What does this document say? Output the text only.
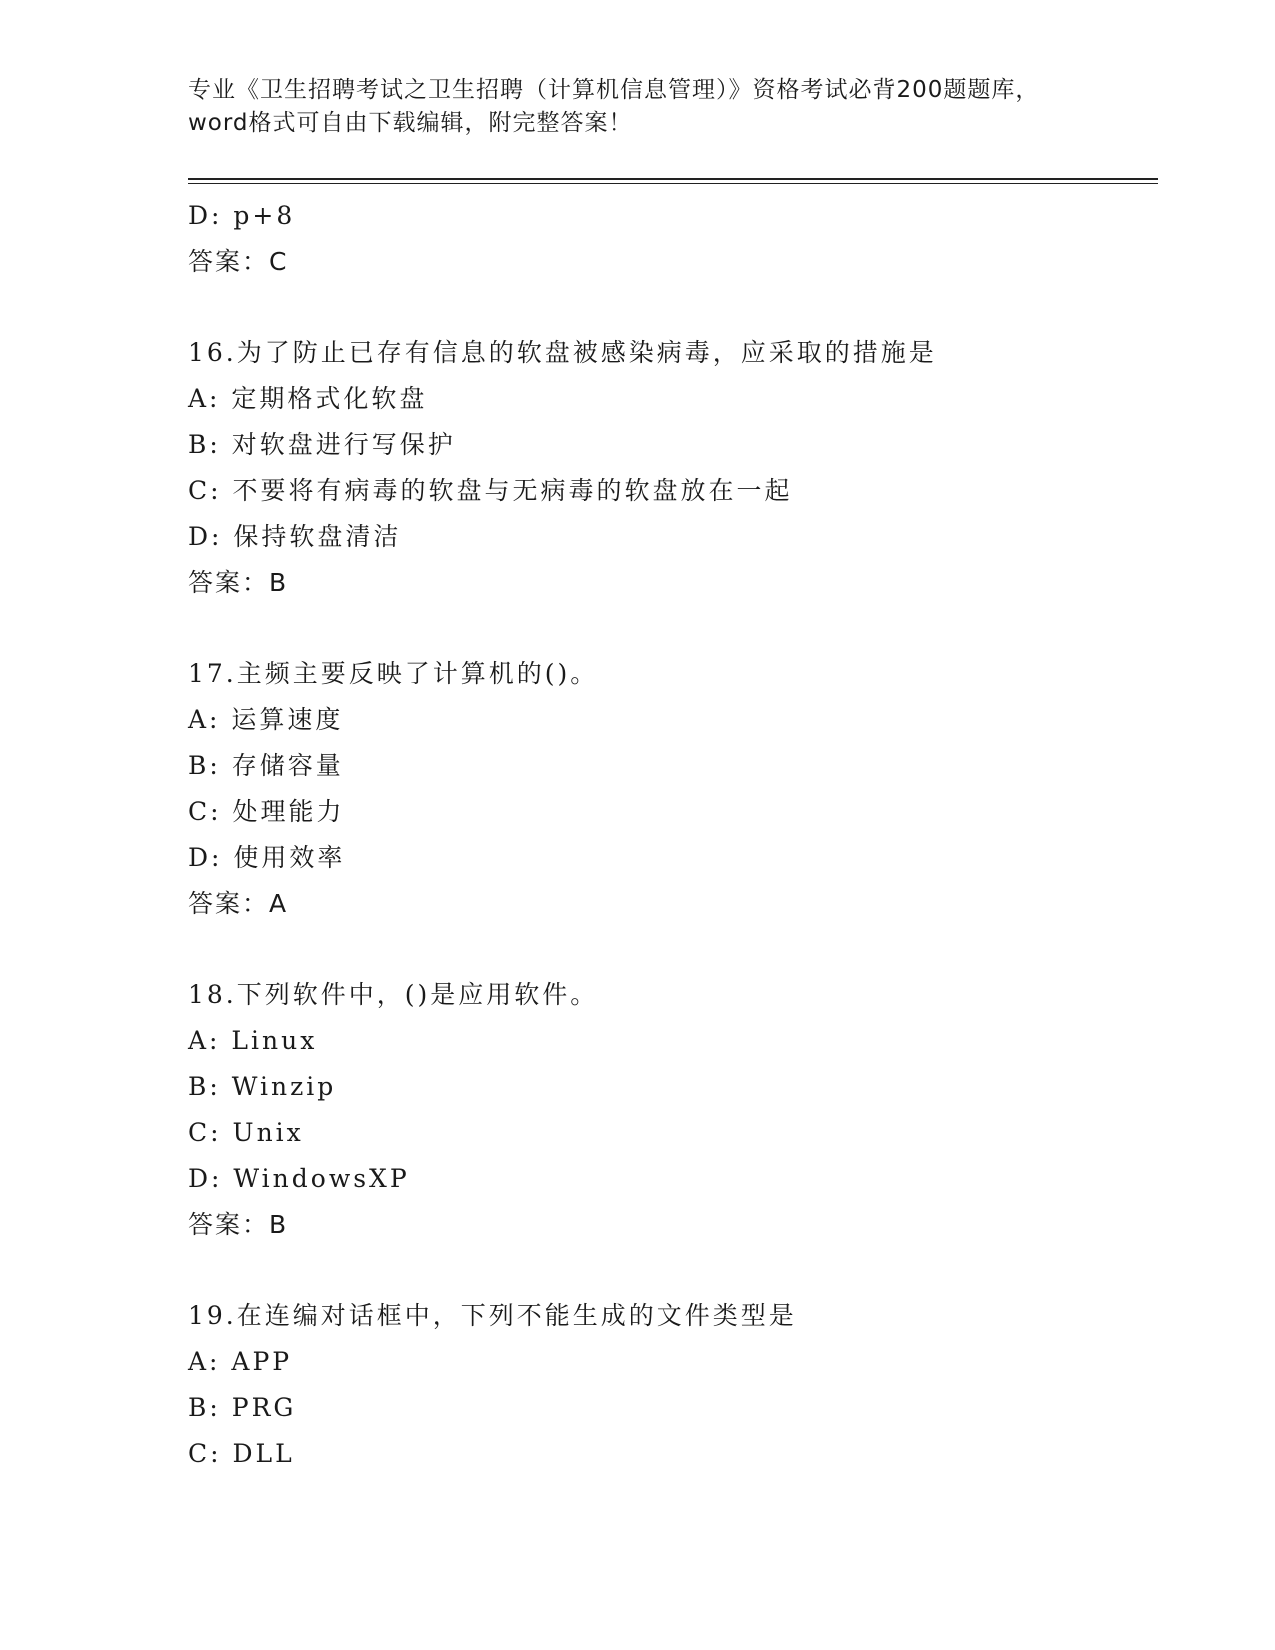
专业《卫生招聘考试之卫生招聘（计算机信息管理）》资格考试必背200题题库，
word格式可自由下载编辑，附完整答案！
D: p+8
答案：C
16.为了防止已存有信息的软盘被感染病毒，应采取的措施是
A: 定期格式化软盘
B: 对软盘进行写保护
C: 不要将有病毒的软盘与无病毒的软盘放在一起
D: 保持软盘清洁
答案：B
17.主频主要反映了计算机的()。
A: 运算速度
B: 存储容量
C: 处理能力
D: 使用效率
答案：A
18.下列软件中，()是应用软件。
A: Linux
B: Winzip
C: Unix
D: WindowsXP
答案：B
19.在连编对话框中，下列不能生成的文件类型是
A: APP
B: PRG
C: DLL
